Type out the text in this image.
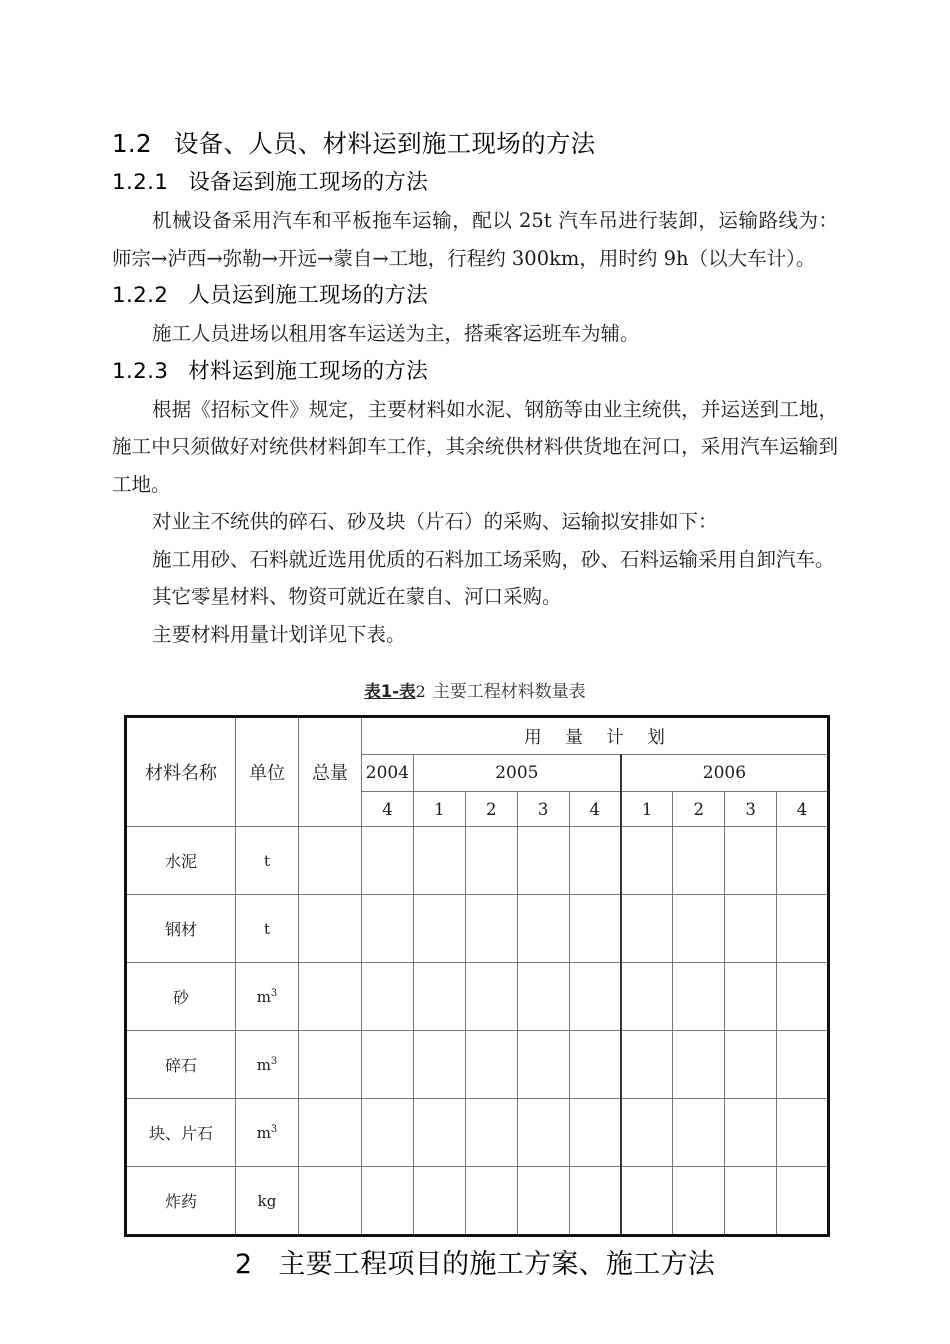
1.2 设备、人员、材料运到施工现场的方法
1.2.1 设备运到施工现场的方法

机械设备采用汽车和平板拖车运输，配以 25t 汽车吊进行装卸，运输路线为：师宗→泸西→弥勒→开远→蒙自→工地，行程约 300km，用时约 9h（以大车计）。

1.2.2 人员运到施工现场的方法

施工人员进场以租用客车运送为主，搭乘客运班车为辅。

1.2.3 材料运到施工现场的方法

根据《招标文件》规定，主要材料如水泥、钢筋等由业主统供，并运送到工地，施工中只须做好对统供材料卸车工作，其余统供材料供货地在河口，采用汽车运输到工地。

对业主不统供的碎石、砂及块（片石）的采购、运输拟安排如下：

施工用砂、石料就近选用优质的石料加工场采购，砂、石料运输采用自卸汽车。

其它零星材料、物资可就近在蒙自、河口采购。

主要材料用量计划详见下表。

表1-表2 主要工程材料数量表
材料名称	单位	总量	用 量 计 划								
			2004	2005				2006			
			4	1	2	3	4	1	2	3	4
水泥	t										
钢材	t										
砂	$m^3$										
碎石	$m^3$										
块、片石	$m^3$										
炸药	kg										
2 主要工程项目的施工方案、施工方法
